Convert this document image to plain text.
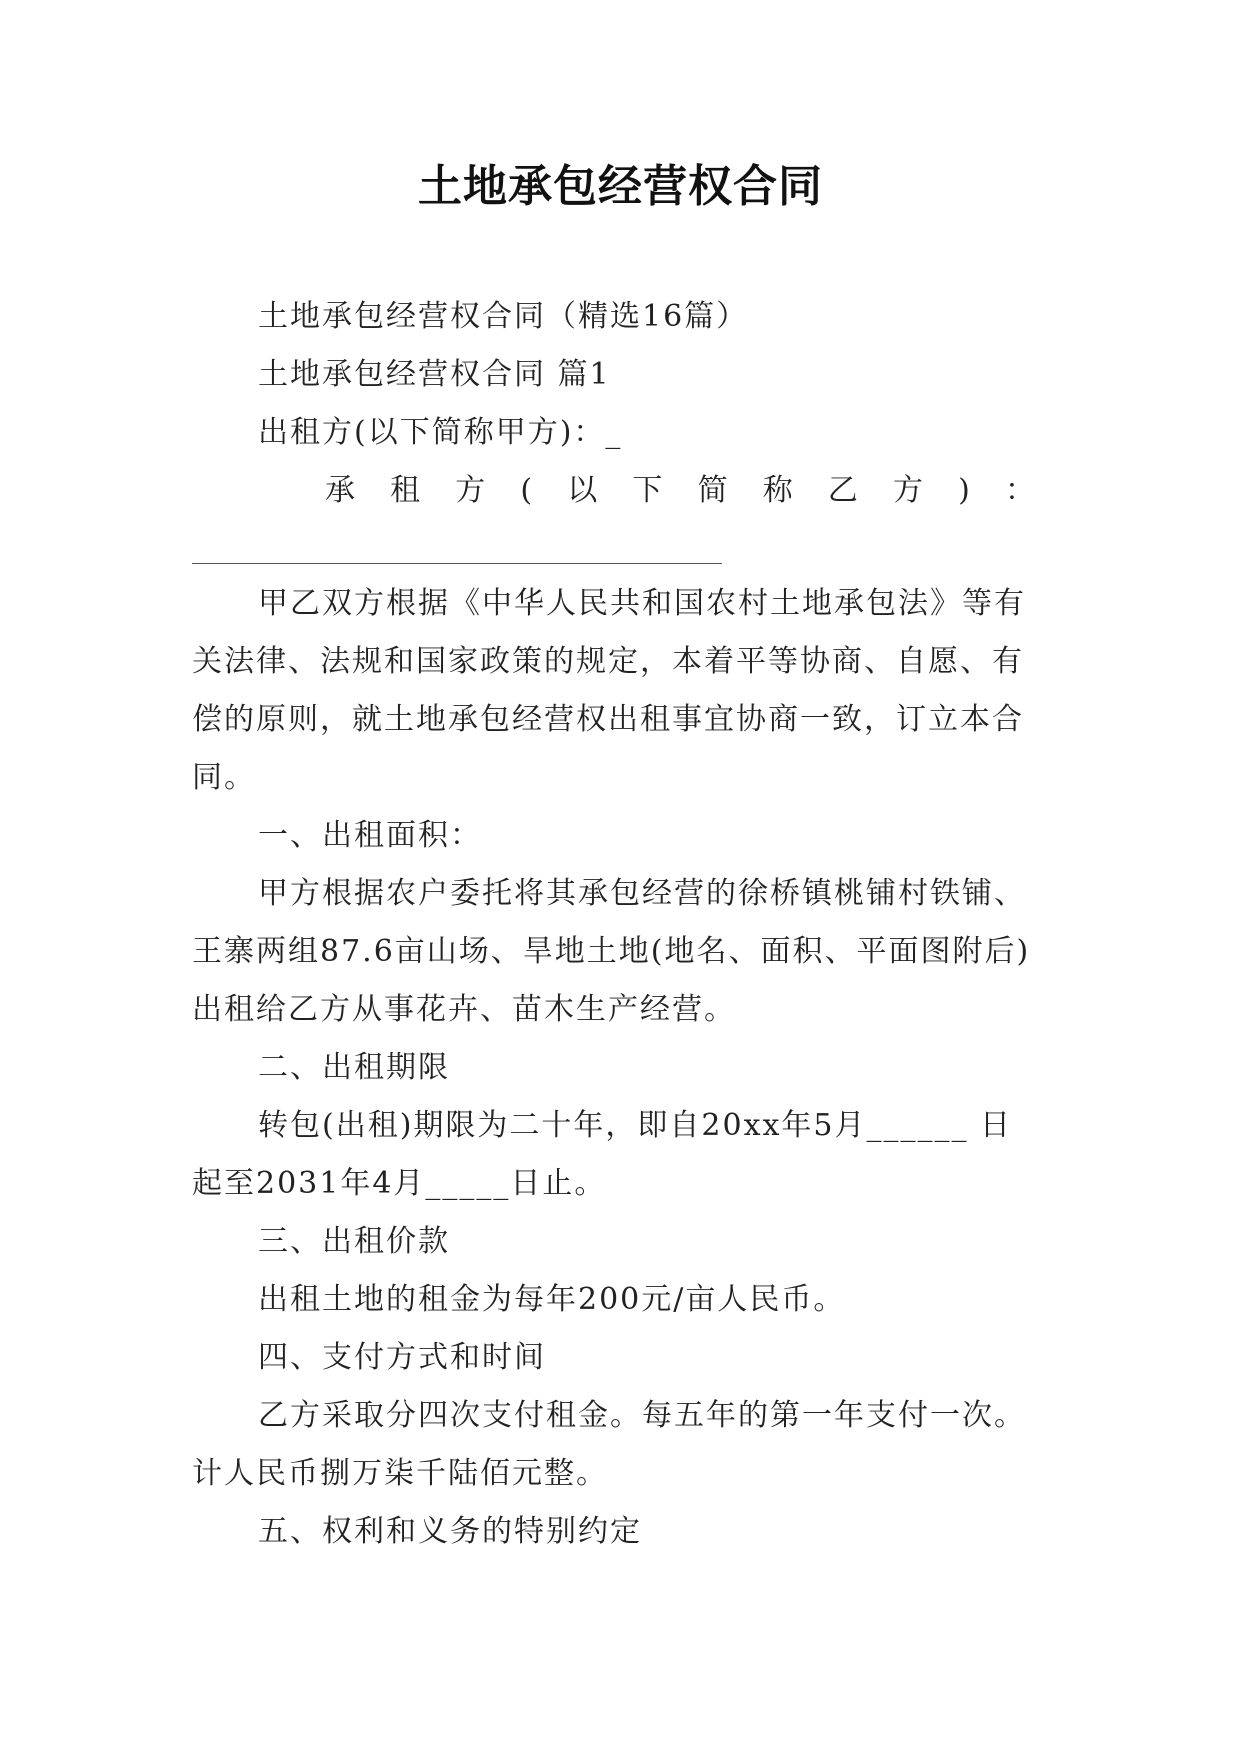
土地承包经营权合同
土地承包经营权合同（精选16篇）
土地承包经营权合同 篇1
出租方(以下简称甲方)：_
承 租 方 ( 以 下 简 称 乙 方 ) ：
甲乙双方根据《中华人民共和国农村土地承包法》等有
关法律、法规和国家政策的规定，本着平等协商、自愿、有
偿的原则，就土地承包经营权出租事宜协商一致，订立本合
同。
一、出租面积：
甲方根据农户委托将其承包经营的徐桥镇桃铺村铁铺、
王寨两组87.6亩山场、旱地土地(地名、面积、平面图附后)
出租给乙方从事花卉、苗木生产经营。
二、出租期限
转包(出租)期限为二十年，即自20xx年5月______ 日
起至2031年4月_____日止。
三、出租价款
出租土地的租金为每年200元/亩人民币。
四、支付方式和时间
乙方采取分四次支付租金。每五年的第一年支付一次。
计人民币捌万柒千陆佰元整。
五、权利和义务的特别约定
